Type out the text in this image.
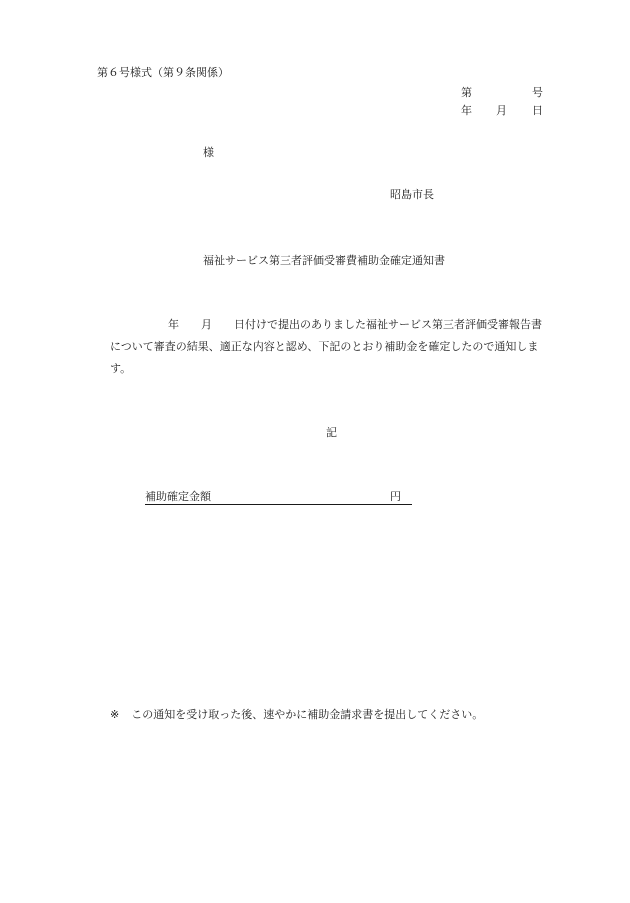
第６号様式（第９条関係）
第	号
年 月 日
様
昭島市長
福祉サービス第三者評価受審費補助金確定通知書
年　　月　　日付けで提出のありました福祉サービス第三者評価受審報告書
について審査の結果、適正な内容と認め、下記のとおり補助金を確定したので通知しま
す。
記
補助確定金額	円
※ この通知を受け取った後、速やかに補助金請求書を提出してください。
